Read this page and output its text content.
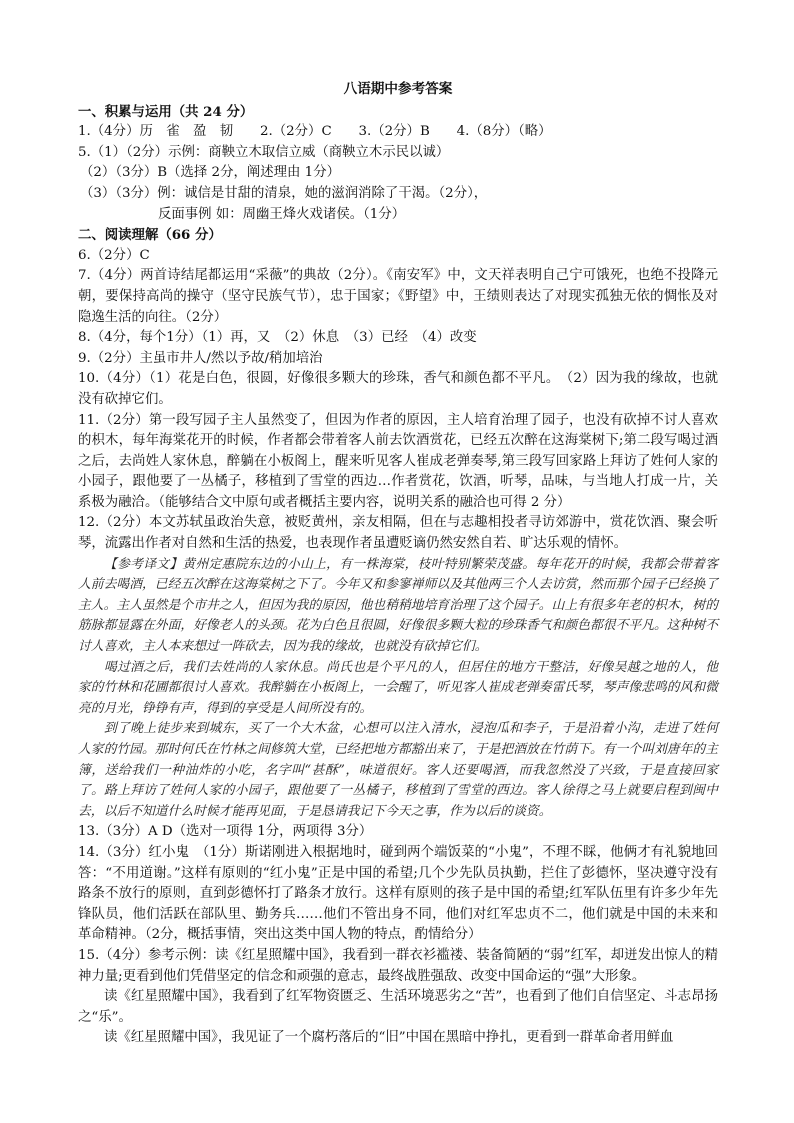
八语期中参考答案
一、积累与运用（共 24 分）
1.（4分）历　雀　盈　韧　　2.（2分）C　　3.（2分）B　　4.（8分）（略）
5.（1）（2分）示例：商鞅立木取信立威（商鞅立木示民以诚）
（2）（3分）B（选择 2分，阐述理由 1分）
（3）（3分）例：诚信是甘甜的清泉，她的滋润消除了干渴。（2分），
反面事例 如：周幽王烽火戏诸侯。（1分）
二、阅读理解（66 分）
6.（2分）C
7.（4分）两首诗结尾都运用“采薇”的典故（2分）。《南安军》中，文天祥表明自己宁可饿死，也绝不投降元朝，要保持高尚的操守（坚守民族气节），忠于国家；《野望》中，王绩则表达了对现实孤独无依的惆怅及对隐逸生活的向往。（2分）
8.（4分，每个1分）（1）再，又　（2）休息　（3）已经　（4）改变
9.（2分）主虽市井人/然以予故/稍加培治
10.（4分）（1）花是白色，很圆，好像很多颗大的珍珠，香气和颜色都不平凡。　（2）因为我的缘故，也就没有砍掉它们。
11.（2分）第一段写园子主人虽然变了，但因为作者的原因，主人培育治理了园子，也没有砍掉不讨人喜欢的枳木，每年海棠花开的时候，作者都会带着客人前去饮酒赏花，已经五次醉在这海棠树下;第二段写喝过酒之后，去尚姓人家休息，醉躺在小板阁上，醒来听见客人崔成老弹奏琴,第三段写回家路上拜访了姓何人家的小园子，跟他要了一丛橘子，移植到了雪堂的西边…作者赏花，饮酒，听琴，品味，与当地人打成一片，关系极为融洽。（能够结合文中原句或者概括主要内容，说明关系的融洽也可得 2 分）
12.（2分）本文苏轼虽政治失意，被贬黄州，亲友相隔，但在与志趣相投者寻访郊游中，赏花饮酒、聚会听琴，流露出作者对自然和生活的热爱，也表现作者虽遭贬谪仍然安然自若、旷达乐观的情怀。
【参考译文】黄州定惠院东边的小山上，有一株海棠，枝叶特别繁荣茂盛。每年花开的时候，我都会带着客人前去喝酒，已经五次醉在这海棠树之下了。今年又和参寥禅师以及其他两三个人去访赏，然而那个园子已经换了主人。主人虽然是个市井之人，但因为我的原因，他也稍稍地培育治理了这个园子。山上有很多年老的枳木，树的筋脉都显露在外面，好像老人的头颈。花为白色且很圆，好像很多颗大粒的珍珠香气和颜色都很不平凡。这种树不讨人喜欢，主人本来想过一阵砍去，因为我的缘故，也就没有砍掉它们。
喝过酒之后，我们去姓尚的人家休息。尚氏也是个平凡的人，但居住的地方干整洁，好像吴越之地的人，他家的竹林和花圃都很讨人喜欢。我醉躺在小板阁上，一会醒了，听见客人崔成老弹奏雷氏琴，琴声像悲鸣的风和微亮的月光，铮铮有声，得到的享受是人间所没有的。
到了晚上徒步来到城东，买了一个大木盆，心想可以注入清水，浸泡瓜和李子，于是沿着小沟，走进了姓何人家的竹园。那时何氏在竹林之间修筑大堂，已经把地方都豁出来了，于是把酒放在竹荫下。有一个叫刘唐年的主簿，送给我们一种油炸的小吃，名字叫“甚酥”，味道很好。客人还要喝酒，而我忽然没了兴致，于是直接回家了。路上拜访了姓何人家的小园子，跟他要了一丛橘子，移植到了雪堂的西边。客人徐得之马上就要启程到闽中去，以后不知道什么时候才能再见面，于是恳请我记下今天之事，作为以后的谈资。
13.（3分）A D（选对一项得 1分，两项得 3分）
14.（3分）红小鬼　（1分）斯诺刚进入根据地时，碰到两个端饭菜的“小鬼”，不理不睬，他俩才有礼貌地回答：“不用道谢。”这样有原则的“红小鬼”正是中国的希望;几个少先队员执勤，拦住了彭德怀，坚决遵守没有路条不放行的原则，直到彭德怀打了路条才放行。这样有原则的孩子是中国的希望;红军队伍里有许多少年先锋队员，他们活跃在部队里、勤务兵……他们不管出身不同，他们对红军忠贞不二，他们就是中国的未来和革命精神。（2分，概括事情，突出这类中国人物的特点，酌情给分）
15.（4分）参考示例：读《红星照耀中国》，我看到一群衣衫褴褛、装备简陋的“弱”红军，却迸发出惊人的精神力量;更看到他们凭借坚定的信念和顽强的意志，最终战胜强敌、改变中国命运的“强”大形象。
读《红星照耀中国》，我看到了红军物资匮乏、生活环境恶劣之“苦”，也看到了他们自信坚定、斗志昂扬之“乐”。
读《红星照耀中国》，我见证了一个腐朽落后的“旧”中国在黑暗中挣扎，更看到一群革命者用鲜血
